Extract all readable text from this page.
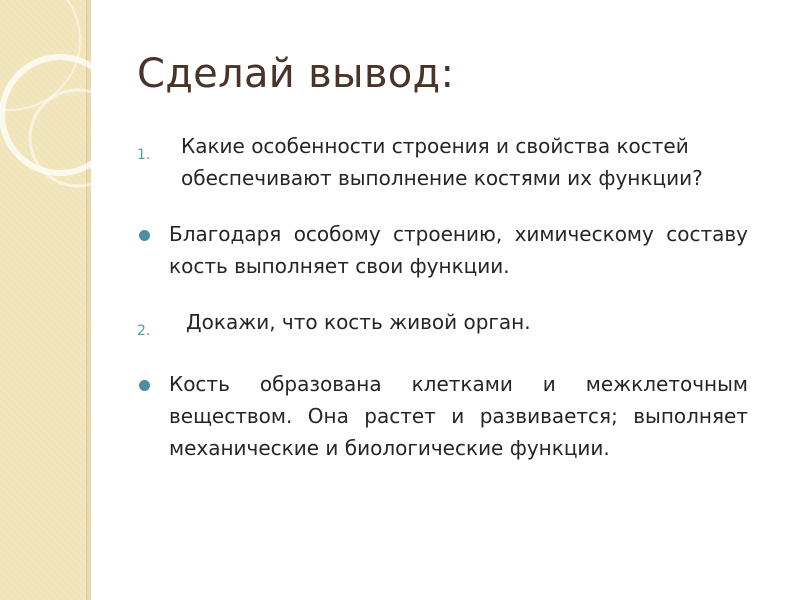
Сделай вывод:
1.	Какие особенности строения и свойства костей обеспечивают выполнение костями их функции?
Благодаря особому строению, химическому составу кость выполняет свои функции.
2.	Докажи, что кость живой орган.
Кость образована клетками и межклеточным веществом. Она растет и развивается; выполняет механические и биологические функции.
